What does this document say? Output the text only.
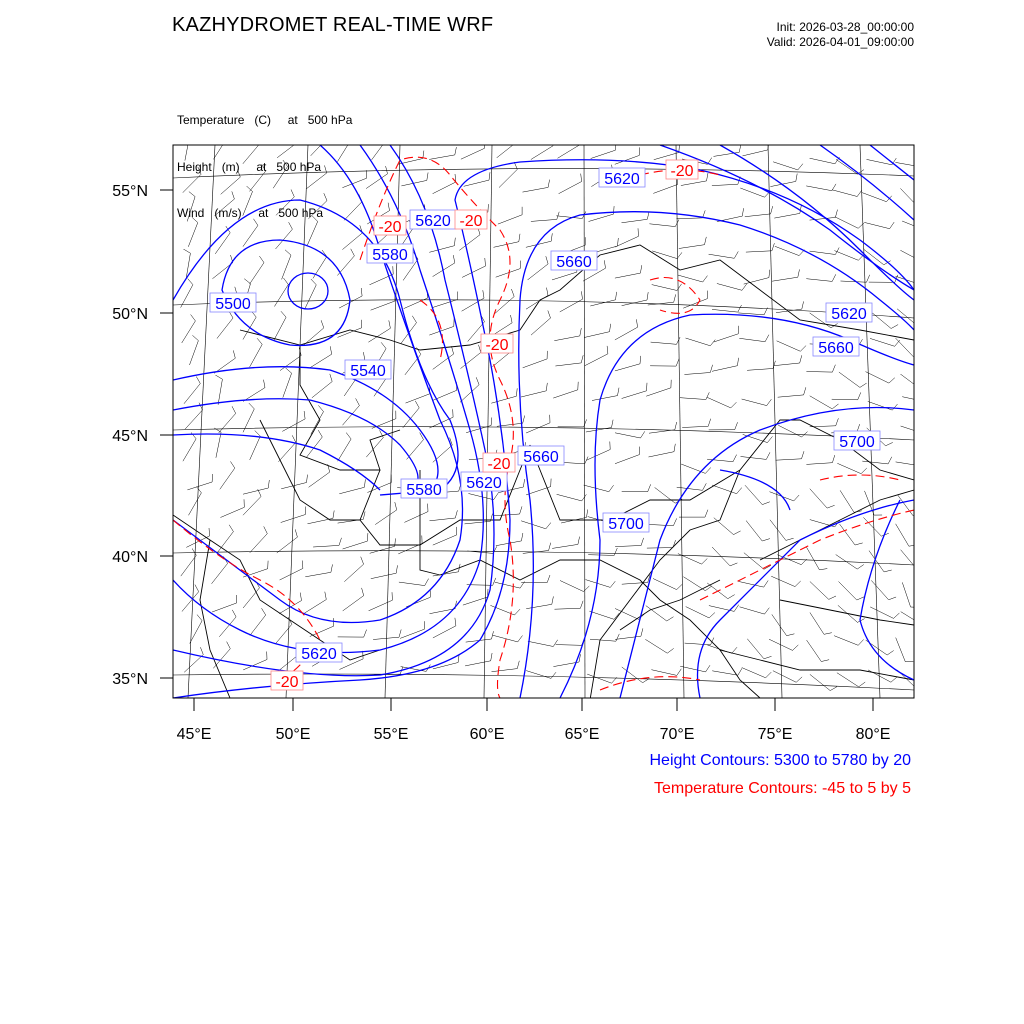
KAZHYDROMET REAL-TIME WRF	Init: 2026-03-28_00:00:00
Valid: 2026-04-01_09:00:00

Temperature   (C)     at   500 hPa

Height   (m)     at   500 hPa

Wind   (m/s)     at   500 hPa

55°N
50°N
45°N
40°N
35°N
45°E	50°E	55°E	60°E	65°E	70°E	75°E	80°E
5620
5620
5580	5660
5500
5620
5660
5540
5660
5700
5580 5620
5700
5620
-20
-20	-20
-20
-20
-20
Height Contours: 5300 to 5780 by 20
Temperature Contours: -45 to 5 by 5
